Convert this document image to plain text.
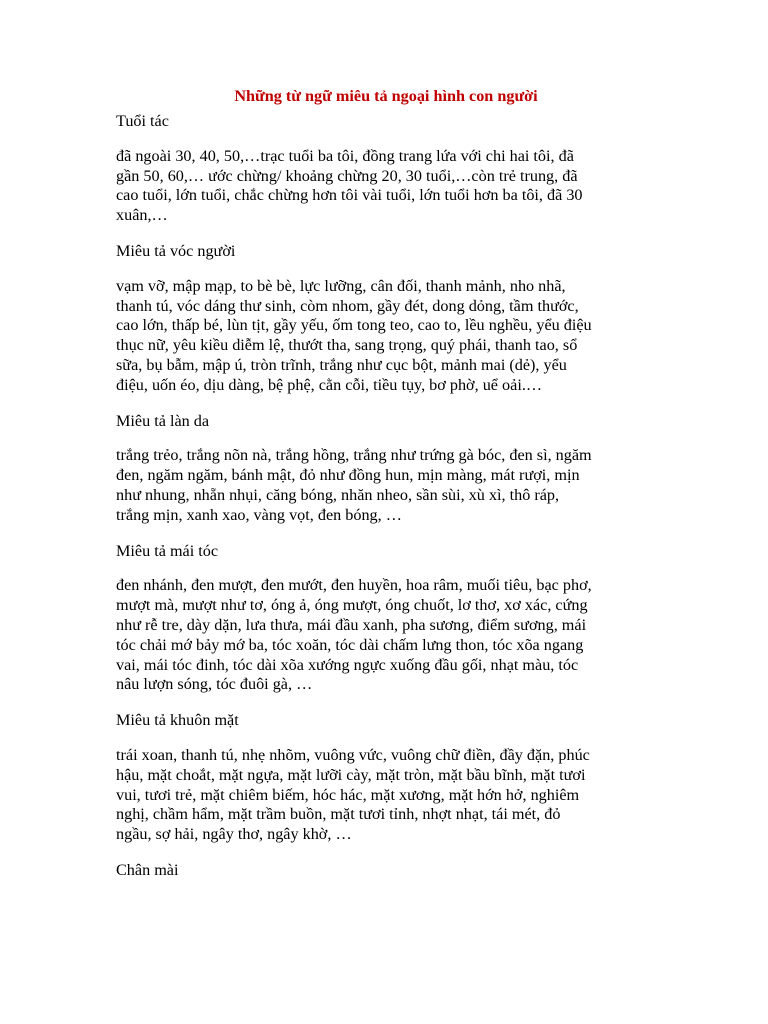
Những từ ngữ miêu tả ngoại hình con người
Tuổi tác
đã ngoài 30, 40, 50,…trạc tuổi ba tôi, đồng trang lứa với chi hai tôi, đã
gần 50, 60,… ước chừng/ khoảng chừng 20, 30 tuổi,…còn trẻ trung, đã
cao tuổi, lớn tuổi, chắc chừng hơn tôi vài tuổi, lớn tuổi hơn ba tôi, đã 30
xuân,…
Miêu tả vóc người
vạm vỡ, mập mạp, to bè bè, lực lưỡng, cân đối, thanh mảnh, nho nhã,
thanh tú, vóc dáng thư sinh, còm nhom, gầy đét, dong dỏng, tầm thước,
cao lớn, thấp bé, lùn tịt, gầy yếu, ốm tong teo, cao to, lều nghều, yểu điệu
thục nữ, yêu kiều diễm lệ, thướt tha, sang trọng, quý phái, thanh tao, sổ
sữa, bụ bẫm, mập ú, tròn trĩnh, trắng như cục bột, mảnh mai (dẻ), yểu
điệu, uốn éo, dịu dàng, bệ phệ, cằn cỗi, tiều tụy, bơ phờ, uể oải.…
Miêu tả làn da
trắng trẻo, trắng nõn nà, trắng hồng, trắng như trứng gà bóc, đen sì, ngăm
đen, ngăm ngăm, bánh mật, đỏ như đồng hun, mịn màng, mát rượi, mịn
như nhung, nhẵn nhụi, căng bóng, nhăn nheo, sần sùi, xù xì, thô ráp,
trắng mịn, xanh xao, vàng vọt, đen bóng, …
Miêu tả mái tóc
đen nhánh, đen mượt, đen mướt, đen huyền, hoa râm, muối tiêu, bạc phơ,
mượt mà, mượt như tơ, óng ả, óng mượt, óng chuốt, lơ thơ, xơ xác, cứng
như rễ tre, dày dặn, lưa thưa, mái đầu xanh, pha sương, điểm sương, mái
tóc chải mớ bảy mớ ba, tóc xoăn, tóc dài chấm lưng thon, tóc xõa ngang
vai, mái tóc đinh, tóc dài xõa xướng ngực xuống đầu gối, nhạt màu, tóc
nâu lượn sóng, tóc đuôi gà, …
Miêu tả khuôn mặt
trái xoan, thanh tú, nhẹ nhõm, vuông vức, vuông chữ điền, đầy đặn, phúc
hậu, mặt choắt, mặt ngựa, mặt lưỡi cày, mặt tròn, mặt bầu bĩnh, mặt tươi
vui, tươi trẻ, mặt chiêm biếm, hóc hác, mặt xương, mặt hớn hở, nghiêm
nghị, chầm hẩm, mặt trầm buồn, mặt tươi tỉnh, nhợt nhạt, tái mét, đỏ
ngầu, sợ hải, ngây thơ, ngây khờ, …
Chân mài
